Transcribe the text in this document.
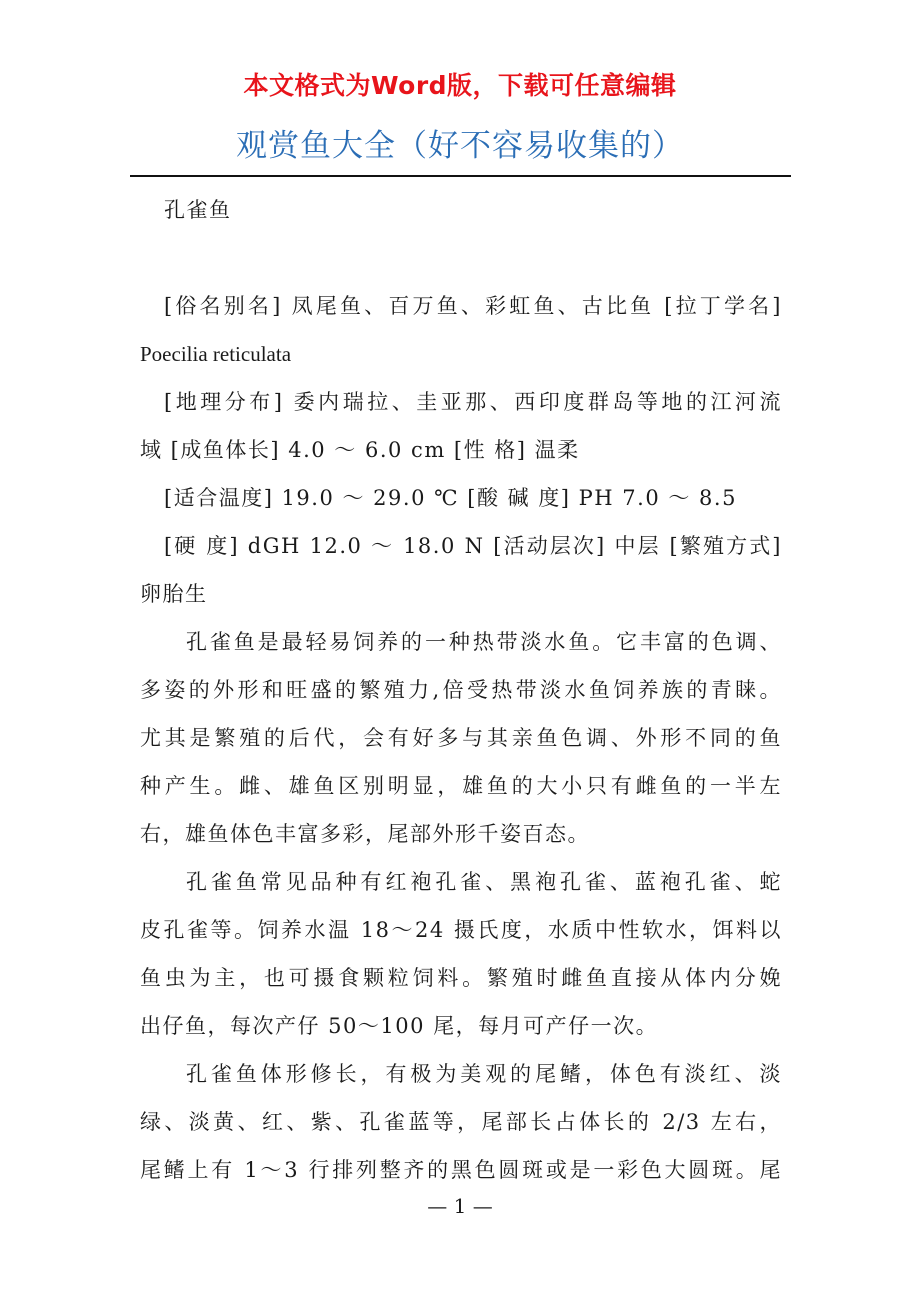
本文格式为Word版，下载可任意编辑
观赏鱼大全（好不容易收集的）
孔雀鱼
[俗名别名] 凤尾鱼、百万鱼、彩虹鱼、古比鱼 [拉丁学名]
Poecilia reticulata
[地理分布] 委内瑞拉、圭亚那、西印度群岛等地的江河流
域 [成鱼体长] 4.0 ～ 6.0 cm [性 格] 温柔
[适合温度] 19.0 ～ 29.0 ℃ [酸 碱 度] PH 7.0 ～ 8.5
[硬 度] dGH 12.0 ～ 18.0 N [活动层次] 中层 [繁殖方式]
卵胎生
孔雀鱼是最轻易饲养的一种热带淡水鱼。它丰富的色调、
多姿的外形和旺盛的繁殖力,倍受热带淡水鱼饲养族的青睐。
尤其是繁殖的后代，会有好多与其亲鱼色调、外形不同的鱼
种产生。雌、雄鱼区别明显，雄鱼的大小只有雌鱼的一半左
右，雄鱼体色丰富多彩，尾部外形千姿百态。
孔雀鱼常见品种有红袍孔雀、黑袍孔雀、蓝袍孔雀、蛇
皮孔雀等。饲养水温 18～24 摄氏度，水质中性软水，饵料以
鱼虫为主，也可摄食颗粒饲料。繁殖时雌鱼直接从体内分娩
出仔鱼，每次产仔 50～100 尾，每月可产仔一次。
孔雀鱼体形修长，有极为美观的尾鳍，体色有淡红、淡
绿、淡黄、红、紫、孔雀蓝等，尾部长占体长的 2/3 左右，
尾鳍上有 1～3 行排列整齐的黑色圆斑或是一彩色大圆斑。尾
— 1 —
